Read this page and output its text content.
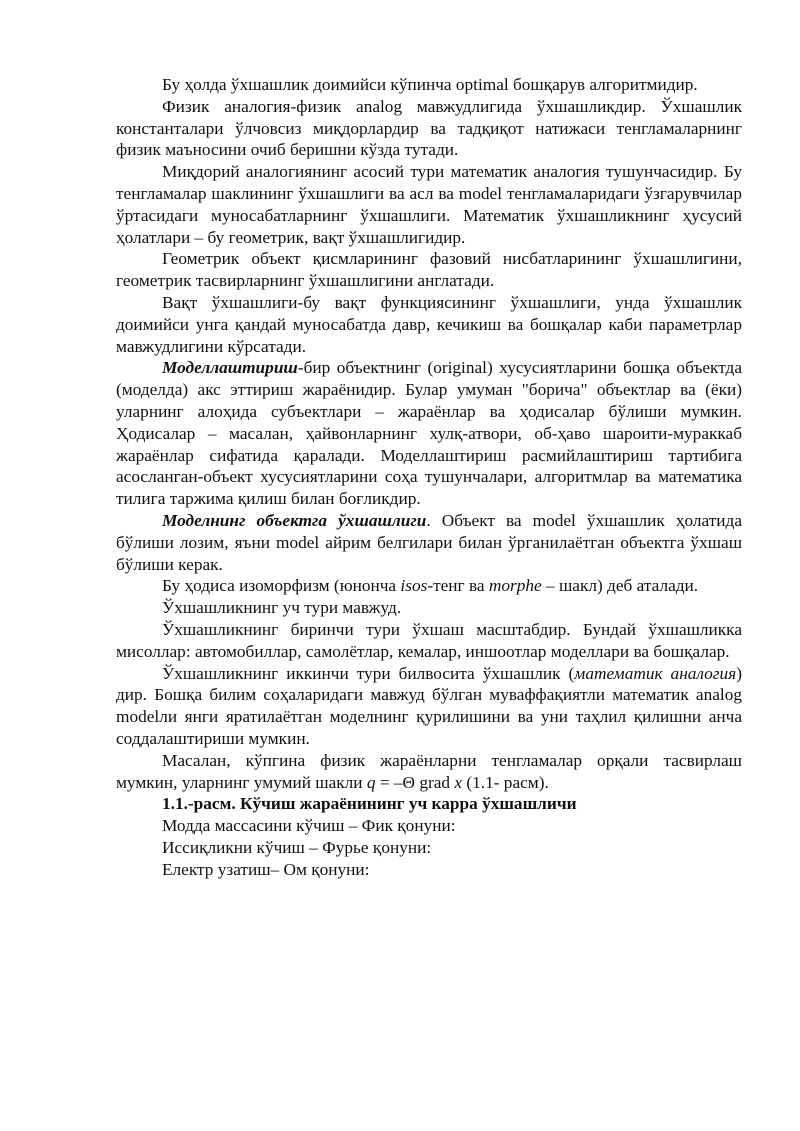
Бу ҳолда ўхшашлик доимийси кўпинча optimal бошқарув алгоритмидир.

Физик аналогия-физик analog мавжудлигида ўхшашликдир. Ўхшашлик константалари ўлчовсиз миқдорлардир ва тадқиқот натижаси тенгламаларнинг физик маъносини очиб беришни кўзда тутади.

Миқдорий аналогиянинг асосий тури математик аналогия тушунчасидир. Бу тенгламалар шаклининг ўхшашлиги ва асл ва model тенгламаларидаги ўзгарувчилар ўртасидаги муносабатларнинг ўхшашлиги. Математик ўхшашликнинг ҳусусий ҳолатлари – бу геометрик, вақт ўхшашлигидир.

Геометрик объект қисмларининг фазовий нисбатларининг ўхшашлигини, геометрик тасвирларнинг ўхшашлигини англатади.

Вақт ўхшашлиги-бу вақт функциясининг ўхшашлиги, унда ўхшашлик доимийси унга қандай муносабатда давр, кечикиш ва бошқалар каби параметрлар мавжудлигини кўрсатади.

Моделлаштириш-бир объектнинг (original) хусусиятларини бошқа объектда (моделда) акс эттириш жараёнидир. Булар умуман "борича" объектлар ва (ёки) уларнинг алоҳида субъектлари – жараёнлар ва ҳодисалар бўлиши мумкин. Ҳодисалар – масалан, ҳайвонларнинг хулқ-атвори, об-ҳаво шароити-мураккаб жараёнлар сифатида қаралади. Моделлаштириш расмийлаштириш тартибига асосланган-объект хусусиятларини соҳа тушунчалари, алгоритмлар ва математика тилига таржима қилиш билан боғликдир.

Моделнинг объектга ўхшашлиги. Объект ва model ўхшашлик ҳолатида бўлиши лозим, яъни model айрим белгилари билан ўрганилаётган объектга ўхшаш бўлиши керак.

Бу ҳодиса изоморфизм (юнонча isos-тенг ва morphe – шакл) деб аталади.

Ўхшашликнинг уч тури мавжуд.

Ўхшашликнинг биринчи тури ўхшаш масштабдир. Бундай ўхшашликка мисоллар: автомобиллар, самолётлар, кемалар, иншоотлар моделлари ва бошқалар.

Ўхшашликнинг иккинчи тури билвосита ўхшашлик (математик аналогия) дир. Бошқа билим соҳаларидаги мавжуд бўлган муваффақиятли математик analog modelли янги яратилаётган моделнинг қурилишини ва уни таҳлил қилишни анча соддалаштириши мумкин.

Масалан, кўпгина физик жараёнларни тенгламалар орқали тасвирлаш мумкин, уларнинг умумий шакли q = –Θ grad x (1.1- расм).

1.1.-расм. Кўчиш жараёнининг уч карра ўхшашличи

Модда массасини кўчиш – Фик қонуни:

Иссиқликни кўчиш – Фурье қонуни:

Електр узатиш– Ом қонуни:
